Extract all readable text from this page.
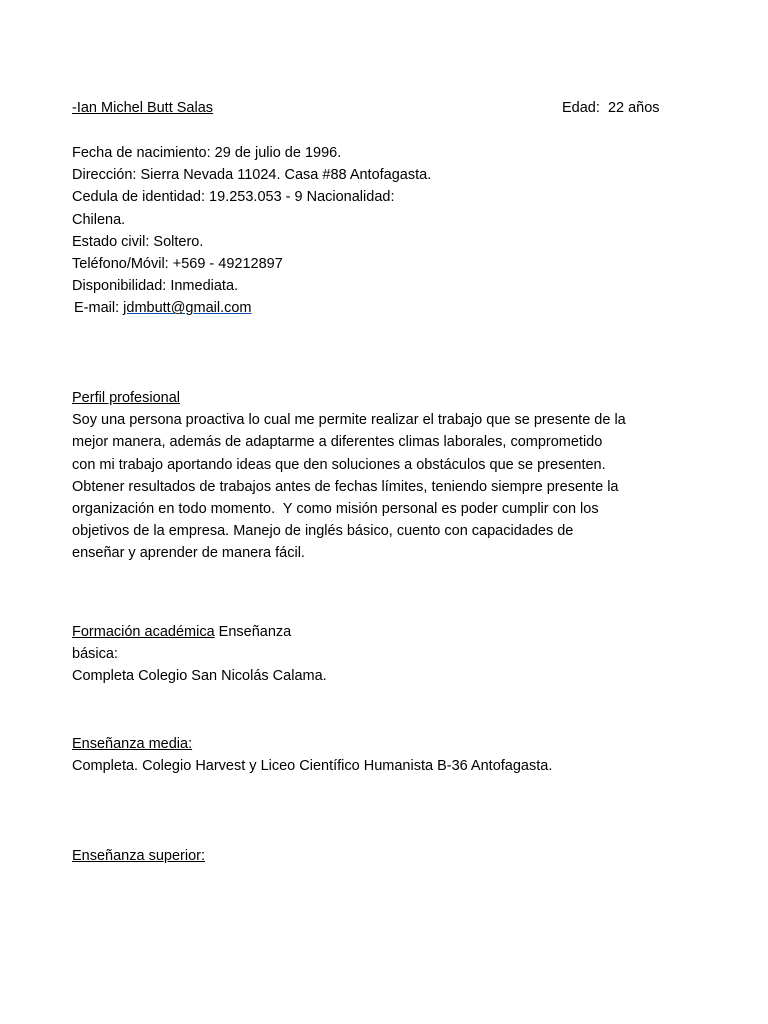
-Ian Michel Butt Salas	Edad:  22 años
Fecha de nacimiento: 29 de julio de 1996.
Dirección: Sierra Nevada 11024. Casa #88 Antofagasta.
Cedula de identidad: 19.253.053 - 9 Nacionalidad:
Chilena.
Estado civil: Soltero.
Teléfono/Móvil: +569 - 49212897
Disponibilidad: Inmediata.
E-mail: jdmbutt@gmail.com
Perfil profesional
Soy una persona proactiva lo cual me permite realizar el trabajo que se presente de la
mejor manera, además de adaptarme a diferentes climas laborales, comprometido
con mi trabajo aportando ideas que den soluciones a obstáculos que se presenten.
Obtener resultados de trabajos antes de fechas límites, teniendo siempre presente la
organización en todo momento.  Y como misión personal es poder cumplir con los
objetivos de la empresa. Manejo de inglés básico, cuento con capacidades de
enseñar y aprender de manera fácil.
Formación académica Enseñanza
básica:
Completa Colegio San Nicolás Calama.
Enseñanza media:
Completa. Colegio Harvest y Liceo Científico Humanista B-36 Antofagasta.
Enseñanza superior:
